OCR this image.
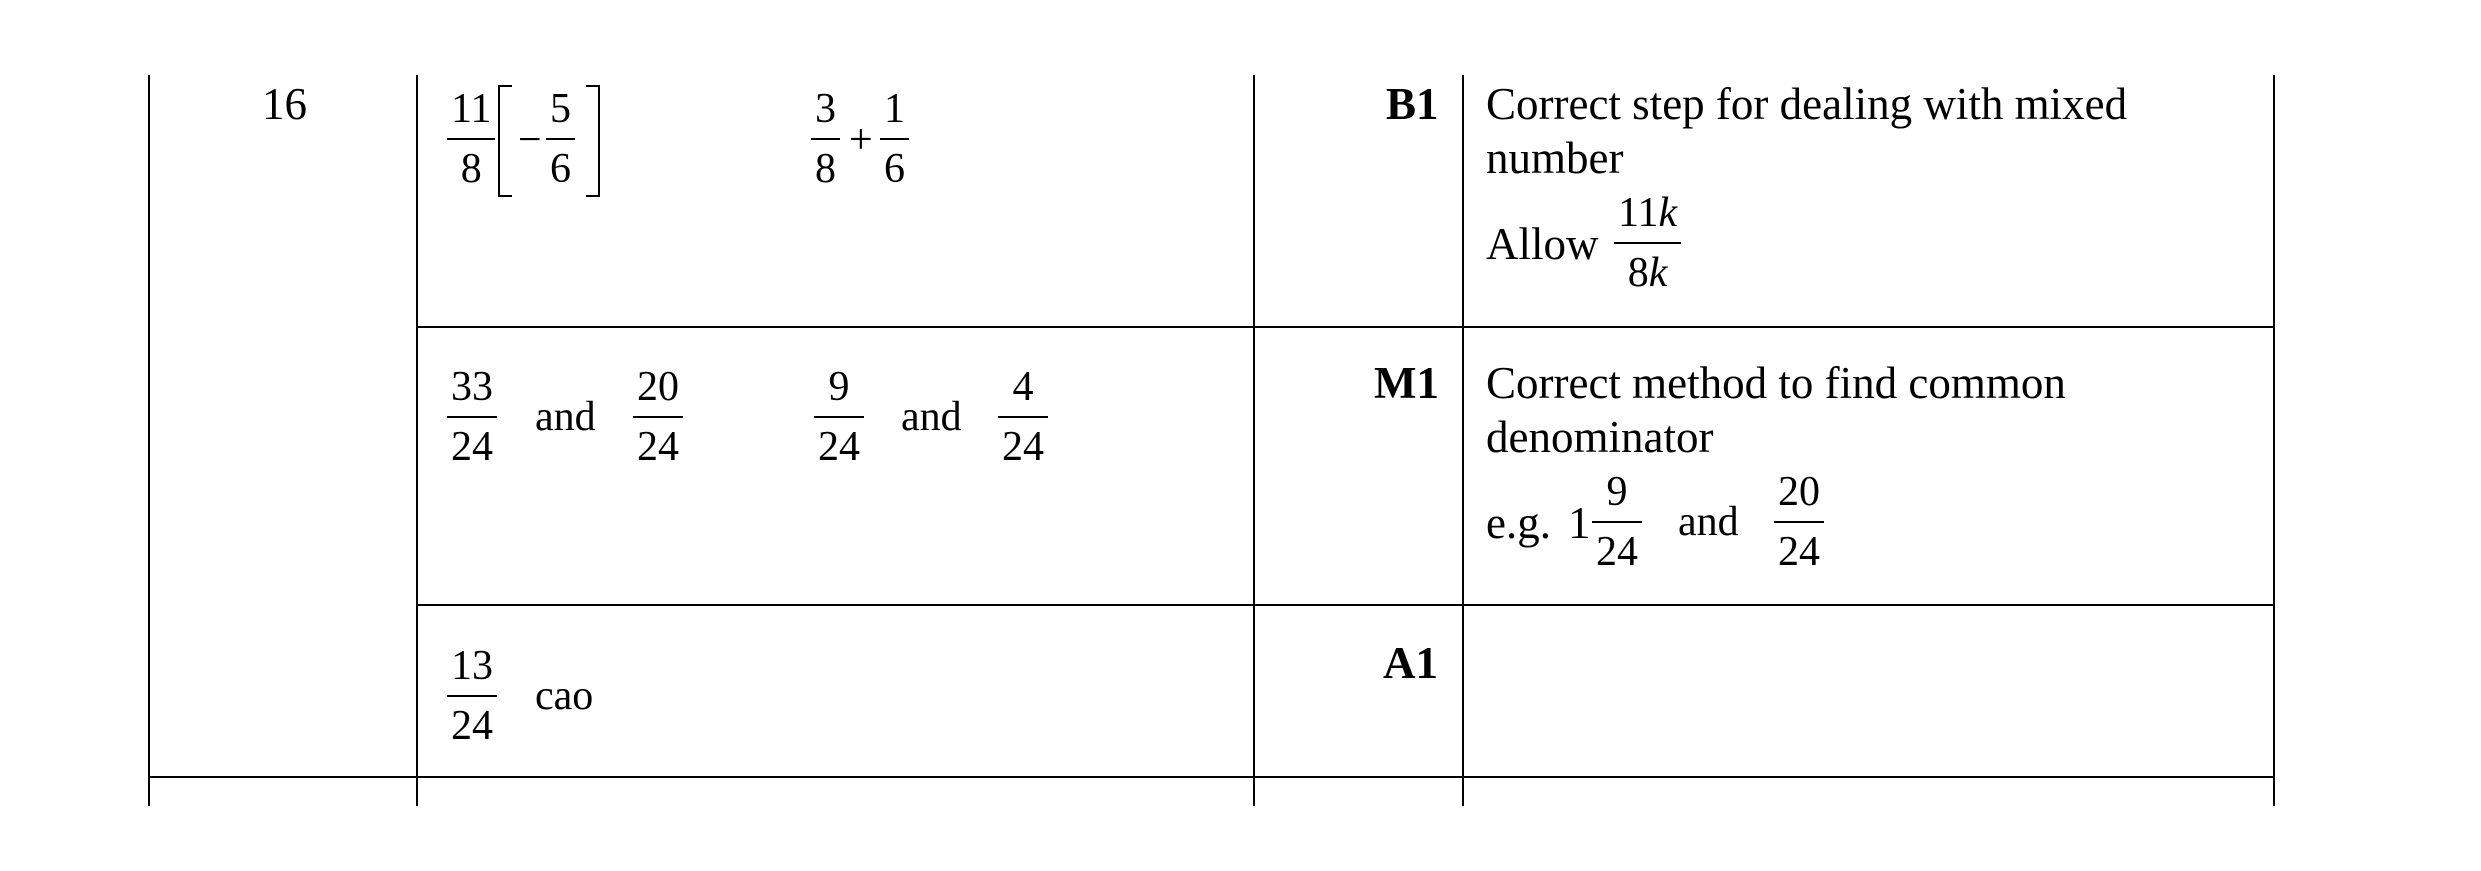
16	11
8
−
5
6
3
8
+
1
6
B1 Correct step for dealing with mixed
number
Allow
11k
8k
33
24
and
20
24
9
24
and
4
24
M1 Correct method to find common
denominator
e.g. 1
9
24
and
20
24
13
24
cao
A1
